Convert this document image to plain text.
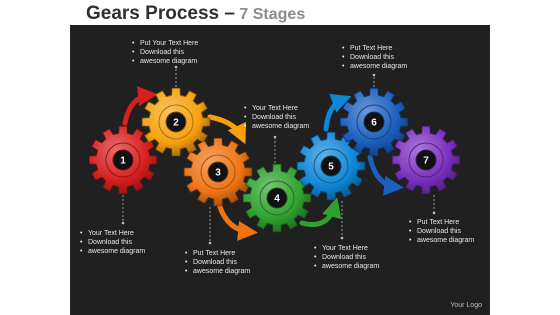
Gears Process – 7 Stages
1
2
3
4
5
6
7
• Your Text Here
• Download this
• awesome diagram
• Put Your Text Here
• Download this
• awesome diagram
• Put Text Here
• Download this
• awesome diagram
• Your Text Here
• Download this
• awesome diagram
• Your Text Here
• Download this
• awesome diagram
• Put Text Here
• Download this
• awesome diagram
• Put Text Here
• Download this
• awesome diagram
Your Logo
